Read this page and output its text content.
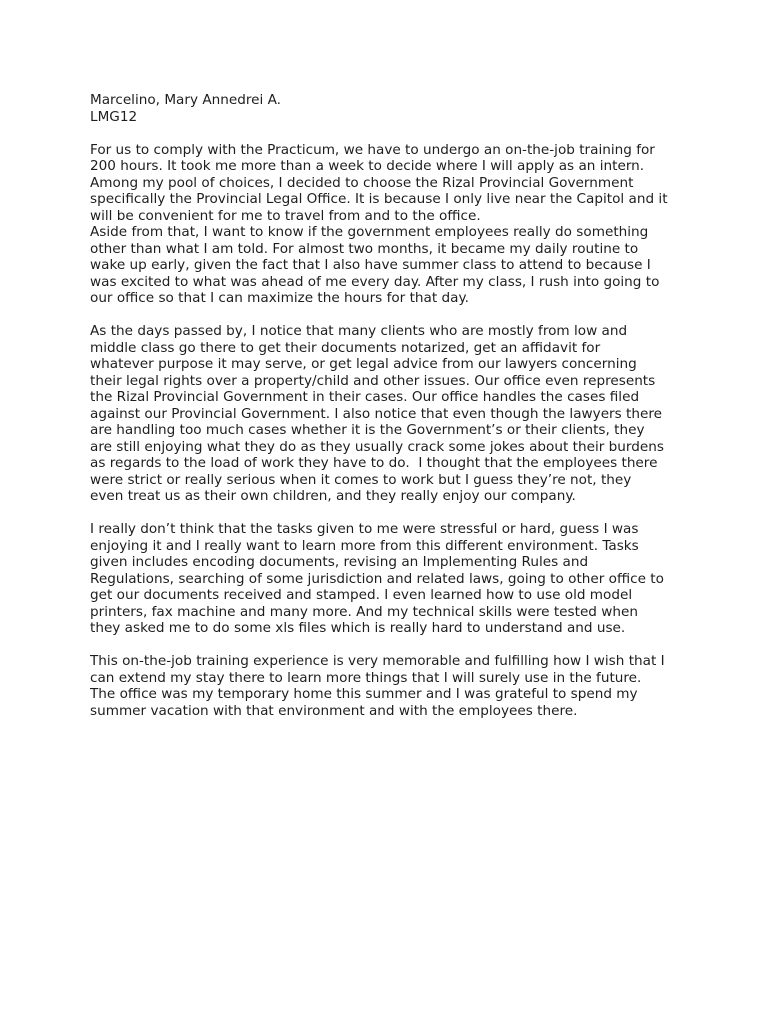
Marcelino, Mary Annedrei A.
LMG12
For us to comply with the Practicum, we have to undergo an on-the-job training for
200 hours. It took me more than a week to decide where I will apply as an intern.
Among my pool of choices, I decided to choose the Rizal Provincial Government
specifically the Provincial Legal Office. It is because I only live near the Capitol and it
will be convenient for me to travel from and to the office.
Aside from that, I want to know if the government employees really do something
other than what I am told. For almost two months, it became my daily routine to
wake up early, given the fact that I also have summer class to attend to because I
was excited to what was ahead of me every day. After my class, I rush into going to
our office so that I can maximize the hours for that day.
As the days passed by, I notice that many clients who are mostly from low and
middle class go there to get their documents notarized, get an affidavit for
whatever purpose it may serve, or get legal advice from our lawyers concerning
their legal rights over a property/child and other issues. Our office even represents
the Rizal Provincial Government in their cases. Our office handles the cases filed
against our Provincial Government. I also notice that even though the lawyers there
are handling too much cases whether it is the Government’s or their clients, they
are still enjoying what they do as they usually crack some jokes about their burdens
as regards to the load of work they have to do.  I thought that the employees there
were strict or really serious when it comes to work but I guess they’re not, they
even treat us as their own children, and they really enjoy our company.
I really don’t think that the tasks given to me were stressful or hard, guess I was
enjoying it and I really want to learn more from this different environment. Tasks
given includes encoding documents, revising an Implementing Rules and
Regulations, searching of some jurisdiction and related laws, going to other office to
get our documents received and stamped. I even learned how to use old model
printers, fax machine and many more. And my technical skills were tested when
they asked me to do some xls files which is really hard to understand and use.
This on-the-job training experience is very memorable and fulfilling how I wish that I
can extend my stay there to learn more things that I will surely use in the future.
The office was my temporary home this summer and I was grateful to spend my
summer vacation with that environment and with the employees there.
